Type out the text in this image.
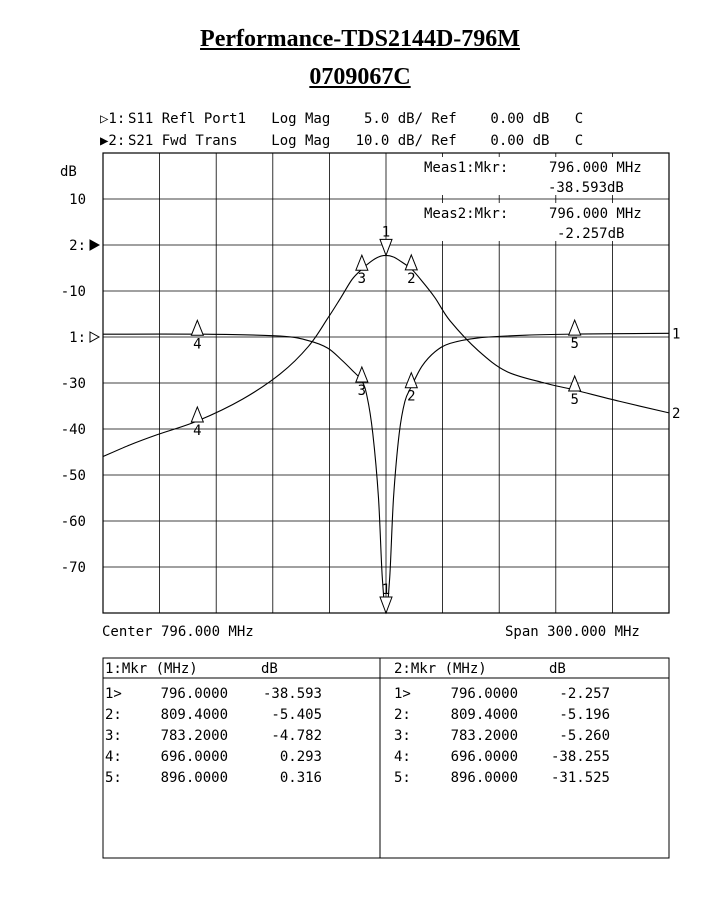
Performance-TDS2144D-796M
0709067C
▷1: S11 Refl Port1   Log Mag    5.0 dB/ Ref    0.00 dB   C
▶2: S21 Fwd Trans    Log Mag   10.0 dB/ Ref    0.00 dB   C
dB
10
2:
-10
1:
-30
-40
-50
-60
-70
1
2
1
2
3
4	5
1
2
3
4
5
Meas1:Mkr:	796.000 MHz
-38.593dB
Meas2:Mkr:	796.000 MHz
-2.257dB
Center 796.000 MHz	Span 300.000 MHz
1:Mkr (MHz)	dB	2:Mkr (MHz)	dB
1>	796.0000 -38.593
2:	809.4000	-5.405
3:	783.2000	-4.782
4:	696.0000	0.293
5:	896.0000	0.316
1>	796.0000	-2.257
2:	809.4000	-5.196
3:	783.2000	-5.260
4:	696.0000 -38.255
5:	896.0000 -31.525
